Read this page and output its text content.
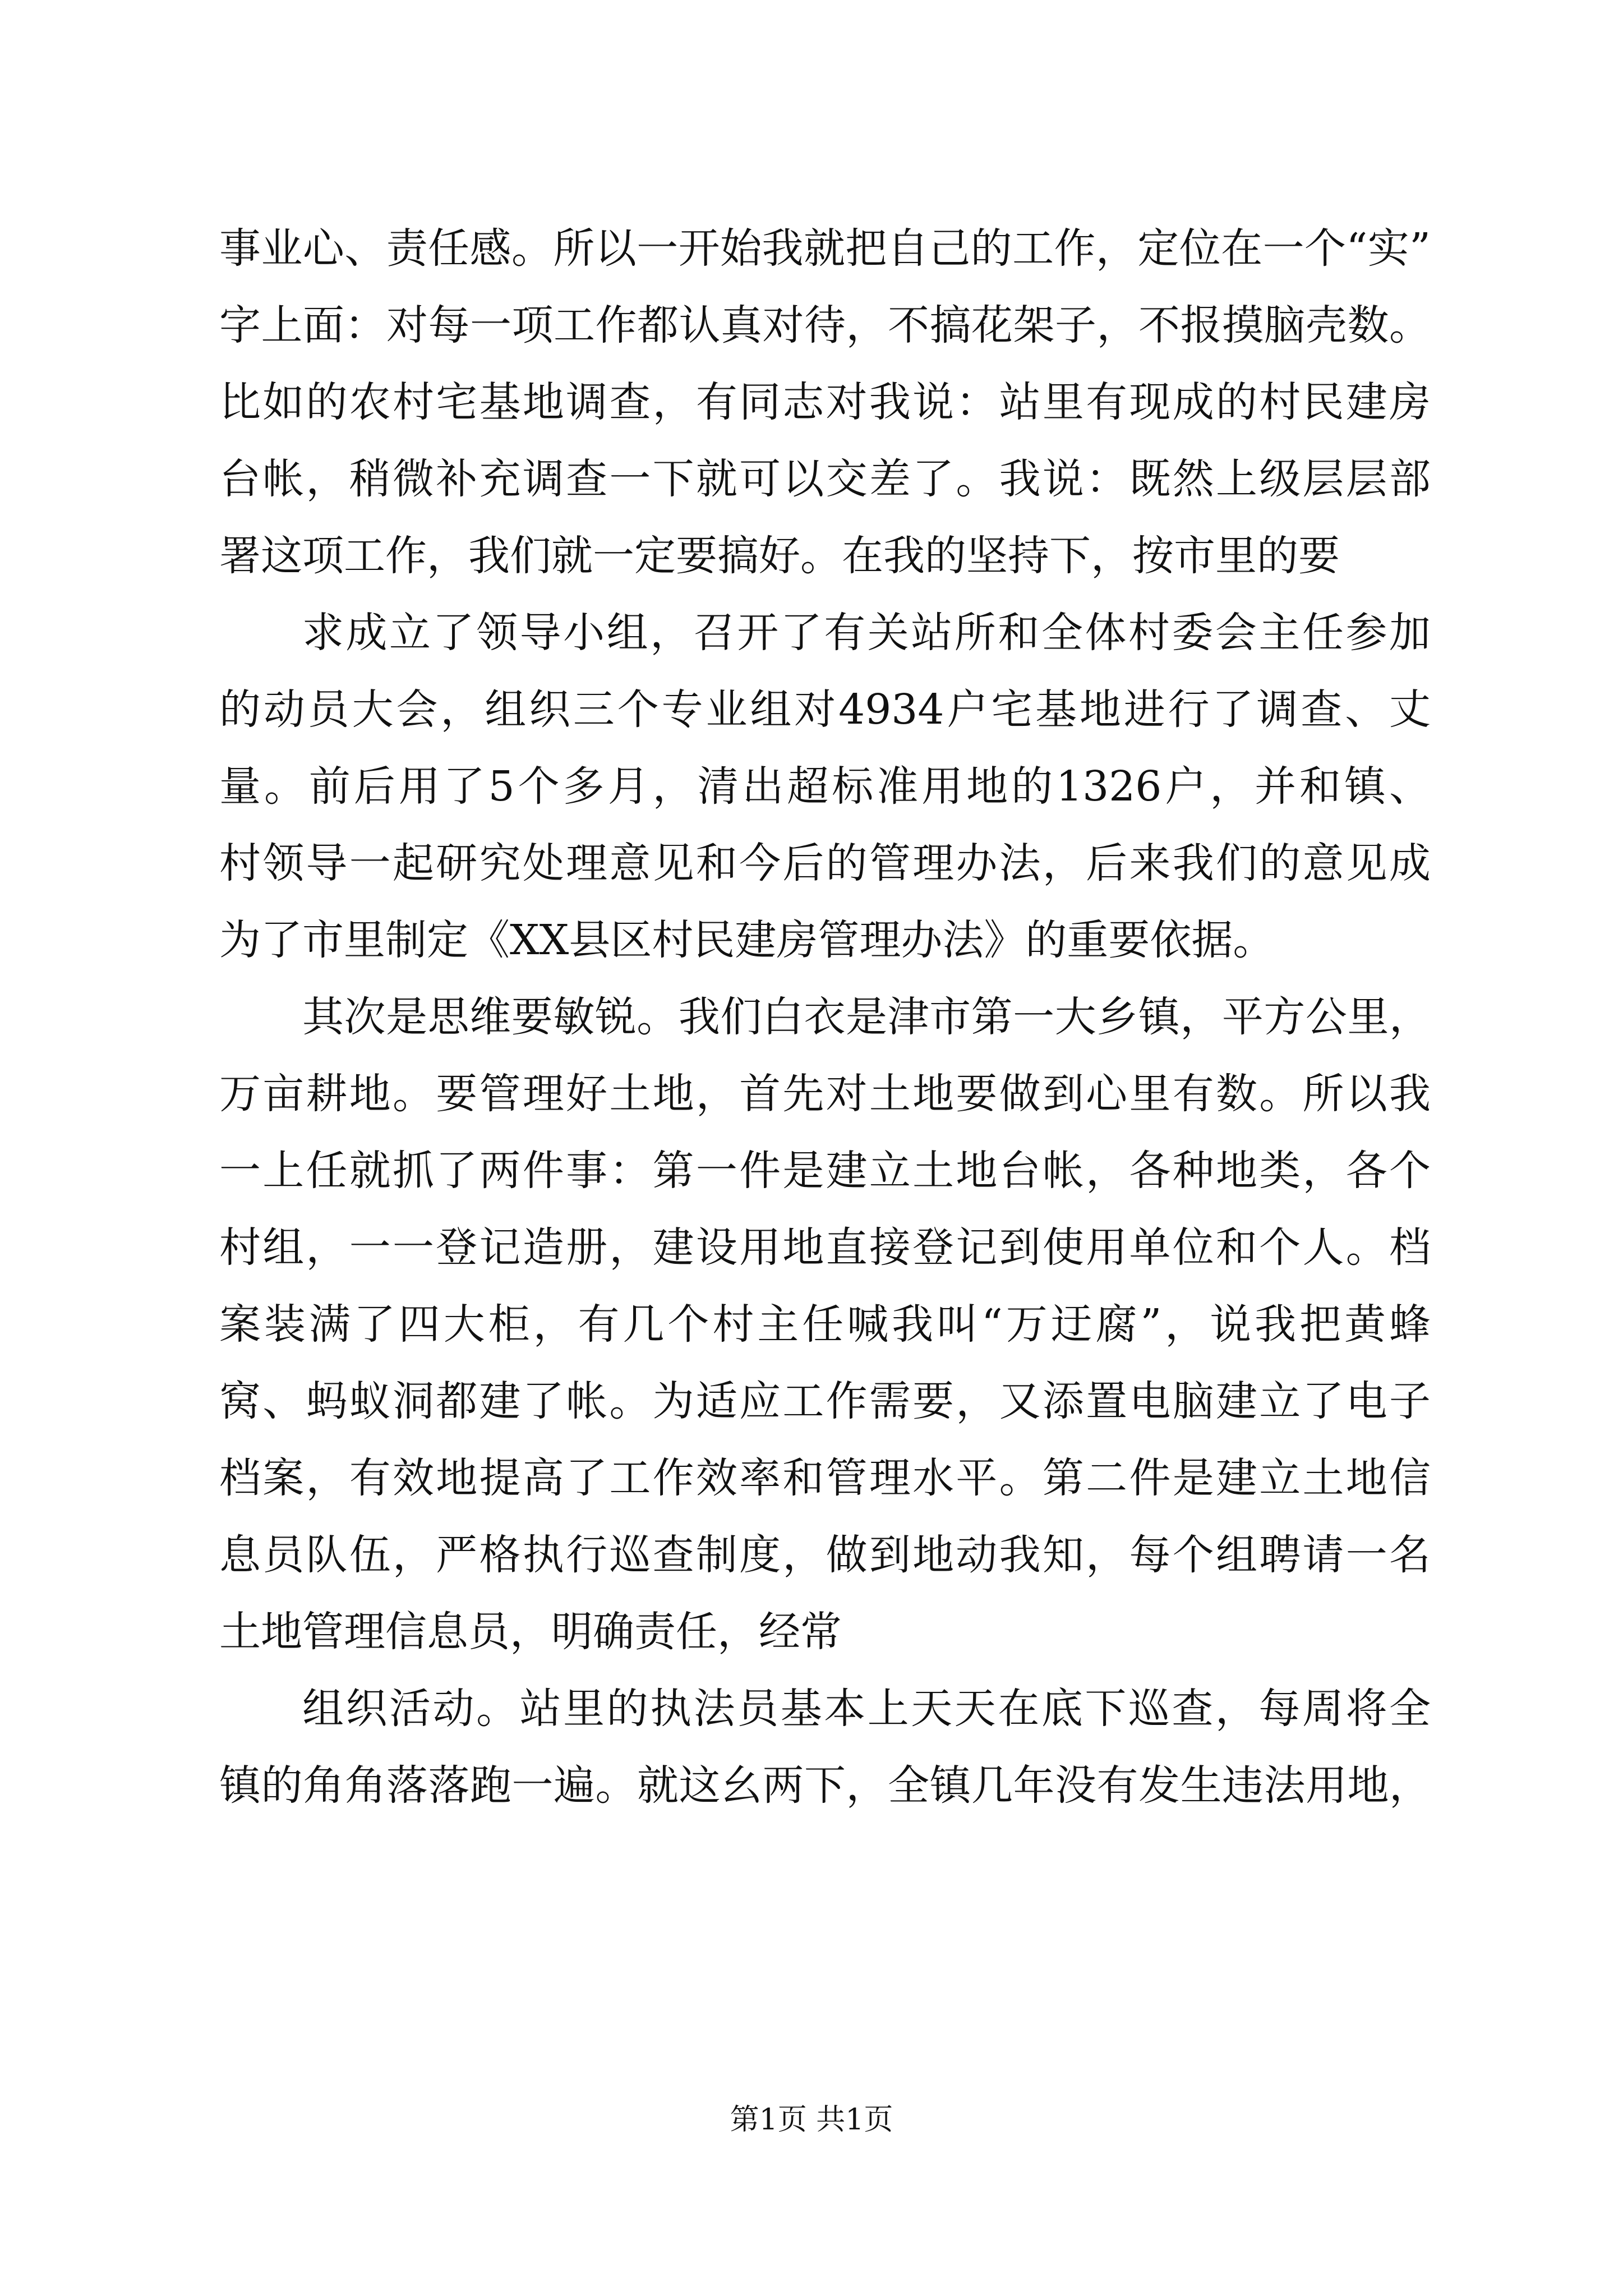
事业心、责任感。所以一开始我就把自己的工作，定位在一个“实”
字上面：对每一项工作都认真对待，不搞花架子，不报摸脑壳数。
比如的农村宅基地调查，有同志对我说：站里有现成的村民建房
台帐，稍微补充调查一下就可以交差了。我说：既然上级层层部
署这项工作，我们就一定要搞好。在我的坚持下，按市里的要
求成立了领导小组，召开了有关站所和全体村委会主任参加
的动员大会，组织三个专业组对4934户宅基地进行了调查、丈
量。前后用了5个多月，清出超标准用地的1326户，并和镇、
村领导一起研究处理意见和今后的管理办法，后来我们的意见成
为了市里制定《XX县区村民建房管理办法》的重要依据。
其次是思维要敏锐。我们白衣是津市第一大乡镇，平方公里，
万亩耕地。要管理好土地，首先对土地要做到心里有数。所以我
一上任就抓了两件事：第一件是建立土地台帐，各种地类，各个
村组，一一登记造册，建设用地直接登记到使用单位和个人。档
案装满了四大柜，有几个村主任喊我叫“万迂腐”，说我把黄蜂
窝、蚂蚁洞都建了帐。为适应工作需要，又添置电脑建立了电子
档案，有效地提高了工作效率和管理水平。第二件是建立土地信
息员队伍，严格执行巡查制度，做到地动我知，每个组聘请一名
土地管理信息员，明确责任，经常
组织活动。站里的执法员基本上天天在底下巡查，每周将全
镇的角角落落跑一遍。就这幺两下，全镇几年没有发生违法用地，
第1页 共1页
